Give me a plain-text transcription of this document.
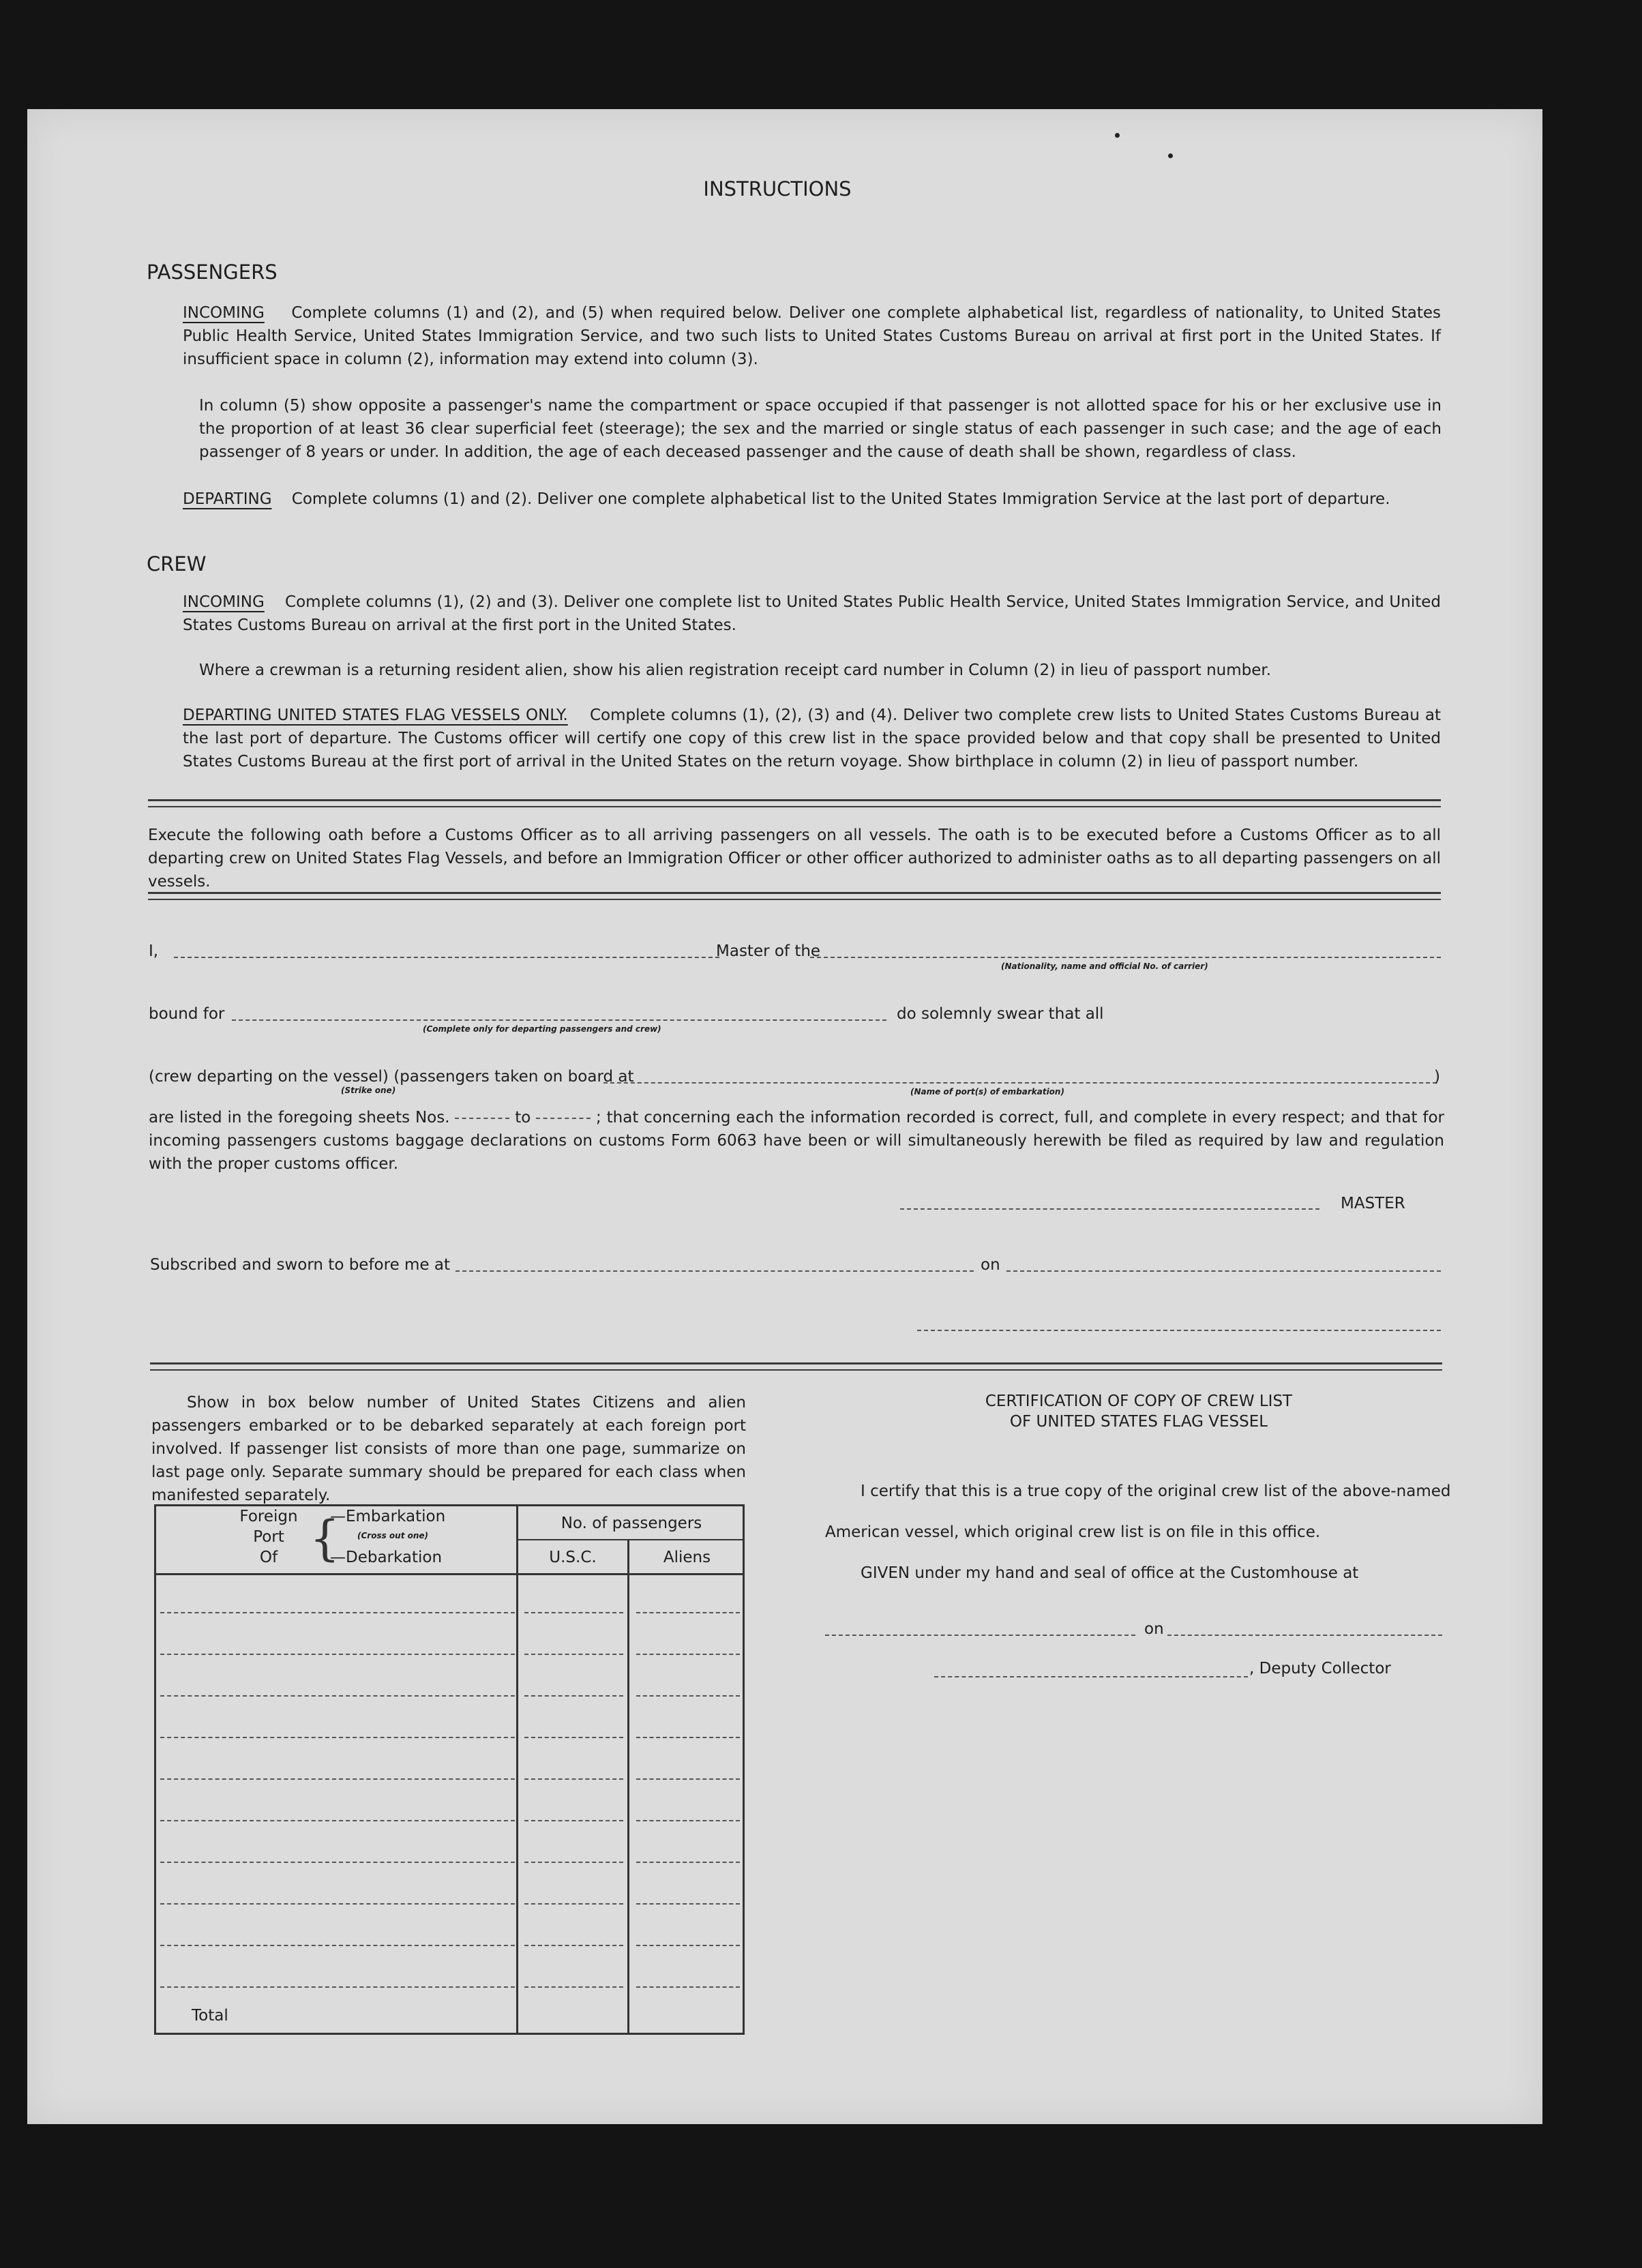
INSTRUCTIONS
PASSENGERS
INCOMING Complete columns (1) and (2), and (5) when required below. Deliver one complete alphabetical list, regardless of nationality, to United States Public Health Service, United States Immigration Service, and two such lists to United States Customs Bureau on arrival at first port in the United States. If insufficient space in column (2), information may extend into column (3).
In column (5) show opposite a passenger's name the compartment or space occupied if that passenger is not allotted space for his or her exclusive use in the proportion of at least 36 clear superficial feet (steerage); the sex and the married or single status of each passenger in such case; and the age of each passenger of 8 years or under. In addition, the age of each deceased passenger and the cause of death shall be shown, regardless of class.
DEPARTING Complete columns (1) and (2). Deliver one complete alphabetical list to the United States Immigration Service at the last port of departure.
CREW
INCOMING Complete columns (1), (2) and (3). Deliver one complete list to United States Public Health Service, United States Immigration Service, and United States Customs Bureau on arrival at the first port in the United States.
Where a crewman is a returning resident alien, show his alien registration receipt card number in Column (2) in lieu of passport number.
DEPARTING UNITED STATES FLAG VESSELS ONLY. Complete columns (1), (2), (3) and (4). Deliver two complete crew lists to United States Customs Bureau at the last port of departure. The Customs officer will certify one copy of this crew list in the space provided below and that copy shall be presented to United States Customs Bureau at the first port of arrival in the United States on the return voyage. Show birthplace in column (2) in lieu of passport number.
Execute the following oath before a Customs Officer as to all arriving passengers on all vessels. The oath is to be executed before a Customs Officer as to all departing crew on United States Flag Vessels, and before an Immigration Officer or other officer authorized to administer oaths as to all departing passengers on all vessels.
I,	Master of the
(Nationality, name and official No. of carrier)
bound for
(Complete only for departing passengers and crew)
do solemnly swear that all
(crew departing on the vessel) (passengers taken on board at	)
(Strike one)	(Name of port(s) of embarkation)
are listed in the foregoing sheets Nos.	to	; that concerning each the information recorded is correct, full, and complete in every respect; and that for incoming passengers customs baggage declarations on customs Form 6063 have been or will simultaneously herewith be filed as required by law and regulation with the proper customs officer.
MASTER
Subscribed and sworn to before me at	on
Show in box below number of United States Citizens and alien passengers embarked or to be debarked separately at each foreign port involved. If passenger list consists of more than one page, summarize on last page only. Separate summary should be prepared for each class when manifested separately.
Foreign
Port
Of {
—Embarkation
(Cross out one)
—Debarkation
No. of passengers
U.S.C.	Aliens
Total
CERTIFICATION OF COPY OF CREW LIST
OF UNITED STATES FLAG VESSEL
I certify that this is a true copy of the original crew list of the above-named
American vessel, which original crew list is on file in this office.
GIVEN under my hand and seal of office at the Customhouse at
on
, Deputy Collector
